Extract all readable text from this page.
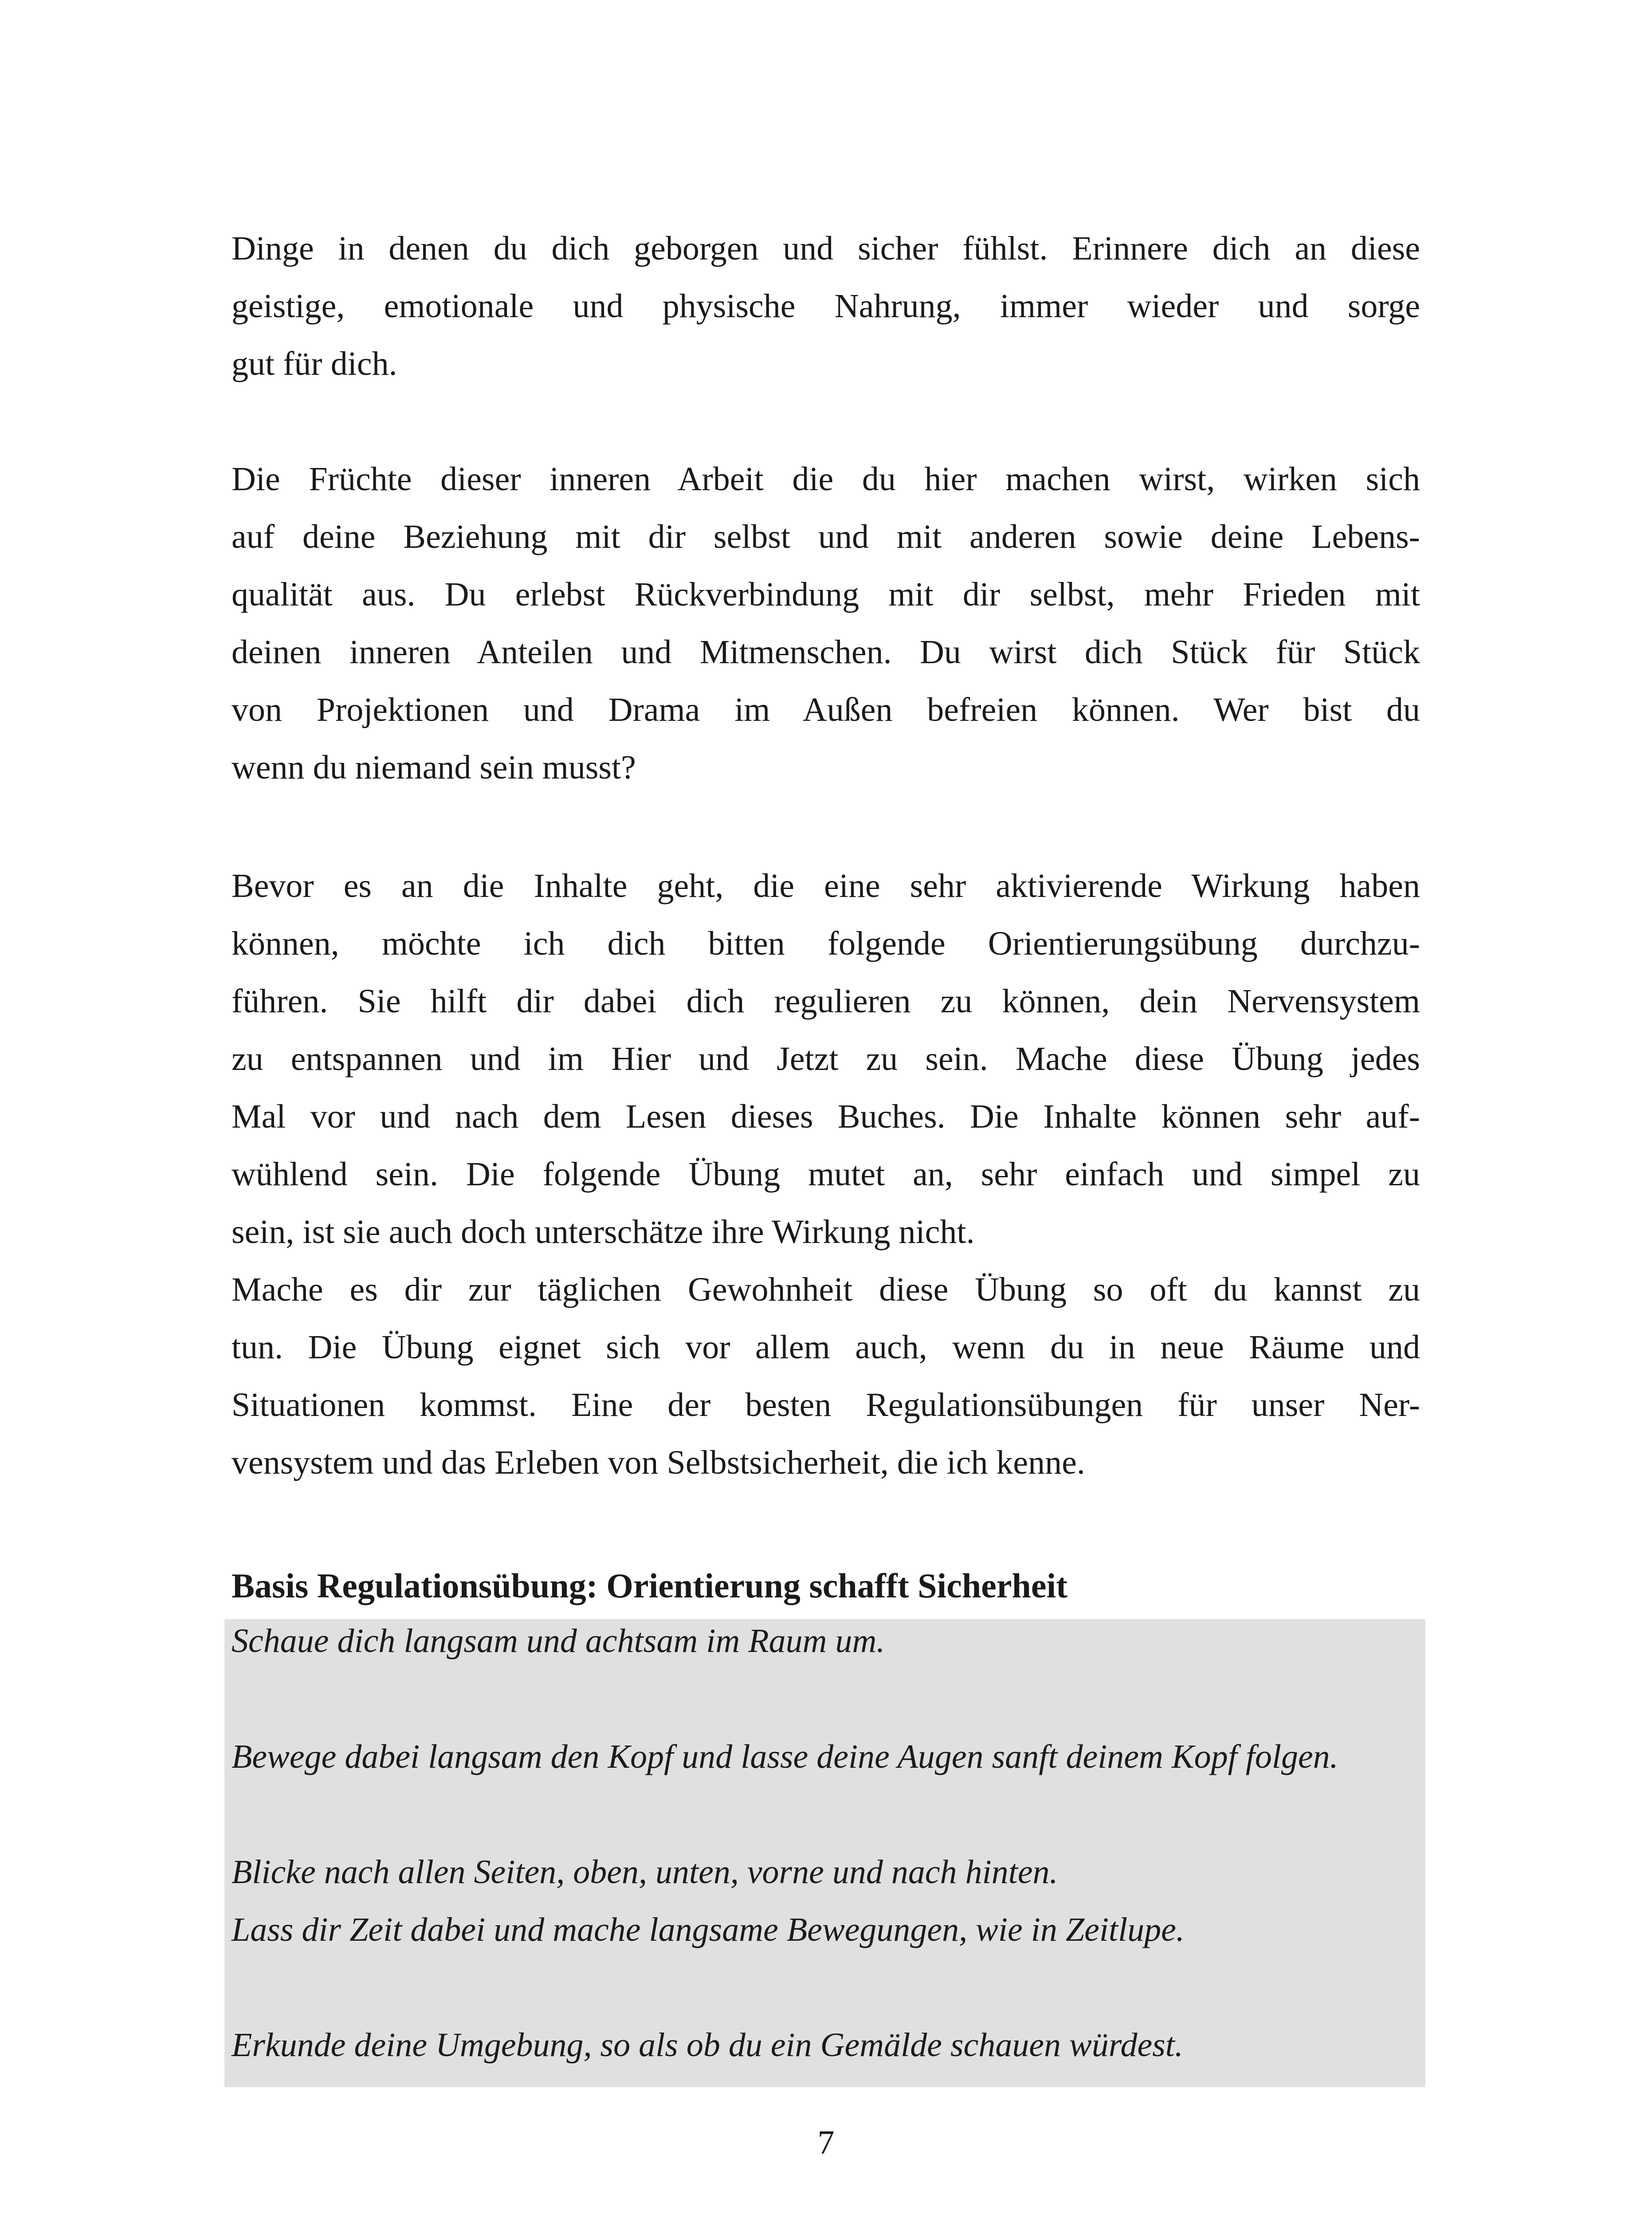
Dinge in denen du dich geborgen und sicher fühlst. Erinnere dich an diese
geistige, emotionale und physische Nahrung, immer wieder und sorge
gut für dich.
Die Früchte dieser inneren Arbeit die du hier machen wirst, wirken sich
auf deine Beziehung mit dir selbst und mit anderen sowie deine Lebens-
qualität aus. Du erlebst Rückverbindung mit dir selbst, mehr Frieden mit
deinen inneren Anteilen und Mitmenschen. Du wirst dich Stück für Stück
von Projektionen und Drama im Außen befreien können. Wer bist du
wenn du niemand sein musst?
Bevor es an die Inhalte geht, die eine sehr aktivierende Wirkung haben
können, möchte ich dich bitten folgende Orientierungsübung durchzu-
führen. Sie hilft dir dabei dich regulieren zu können, dein Nervensystem
zu entspannen und im Hier und Jetzt zu sein. Mache diese Übung jedes
Mal vor und nach dem Lesen dieses Buches. Die Inhalte können sehr auf-
wühlend sein. Die folgende Übung mutet an, sehr einfach und simpel zu
sein, ist sie auch doch unterschätze ihre Wirkung nicht.
Mache es dir zur täglichen Gewohnheit diese Übung so oft du kannst zu
tun. Die Übung eignet sich vor allem auch, wenn du in neue Räume und
Situationen kommst. Eine der besten Regulationsübungen für unser Ner-
vensystem und das Erleben von Selbstsicherheit, die ich kenne.
Basis Regulationsübung: Orientierung schafft Sicherheit
Schaue dich langsam und achtsam im Raum um.
Bewege dabei langsam den Kopf und lasse deine Augen sanft deinem Kopf folgen.
Blicke nach allen Seiten, oben, unten, vorne und nach hinten.
Lass dir Zeit dabei und mache langsame Bewegungen, wie in Zeitlupe.
Erkunde deine Umgebung, so als ob du ein Gemälde schauen würdest.
7
